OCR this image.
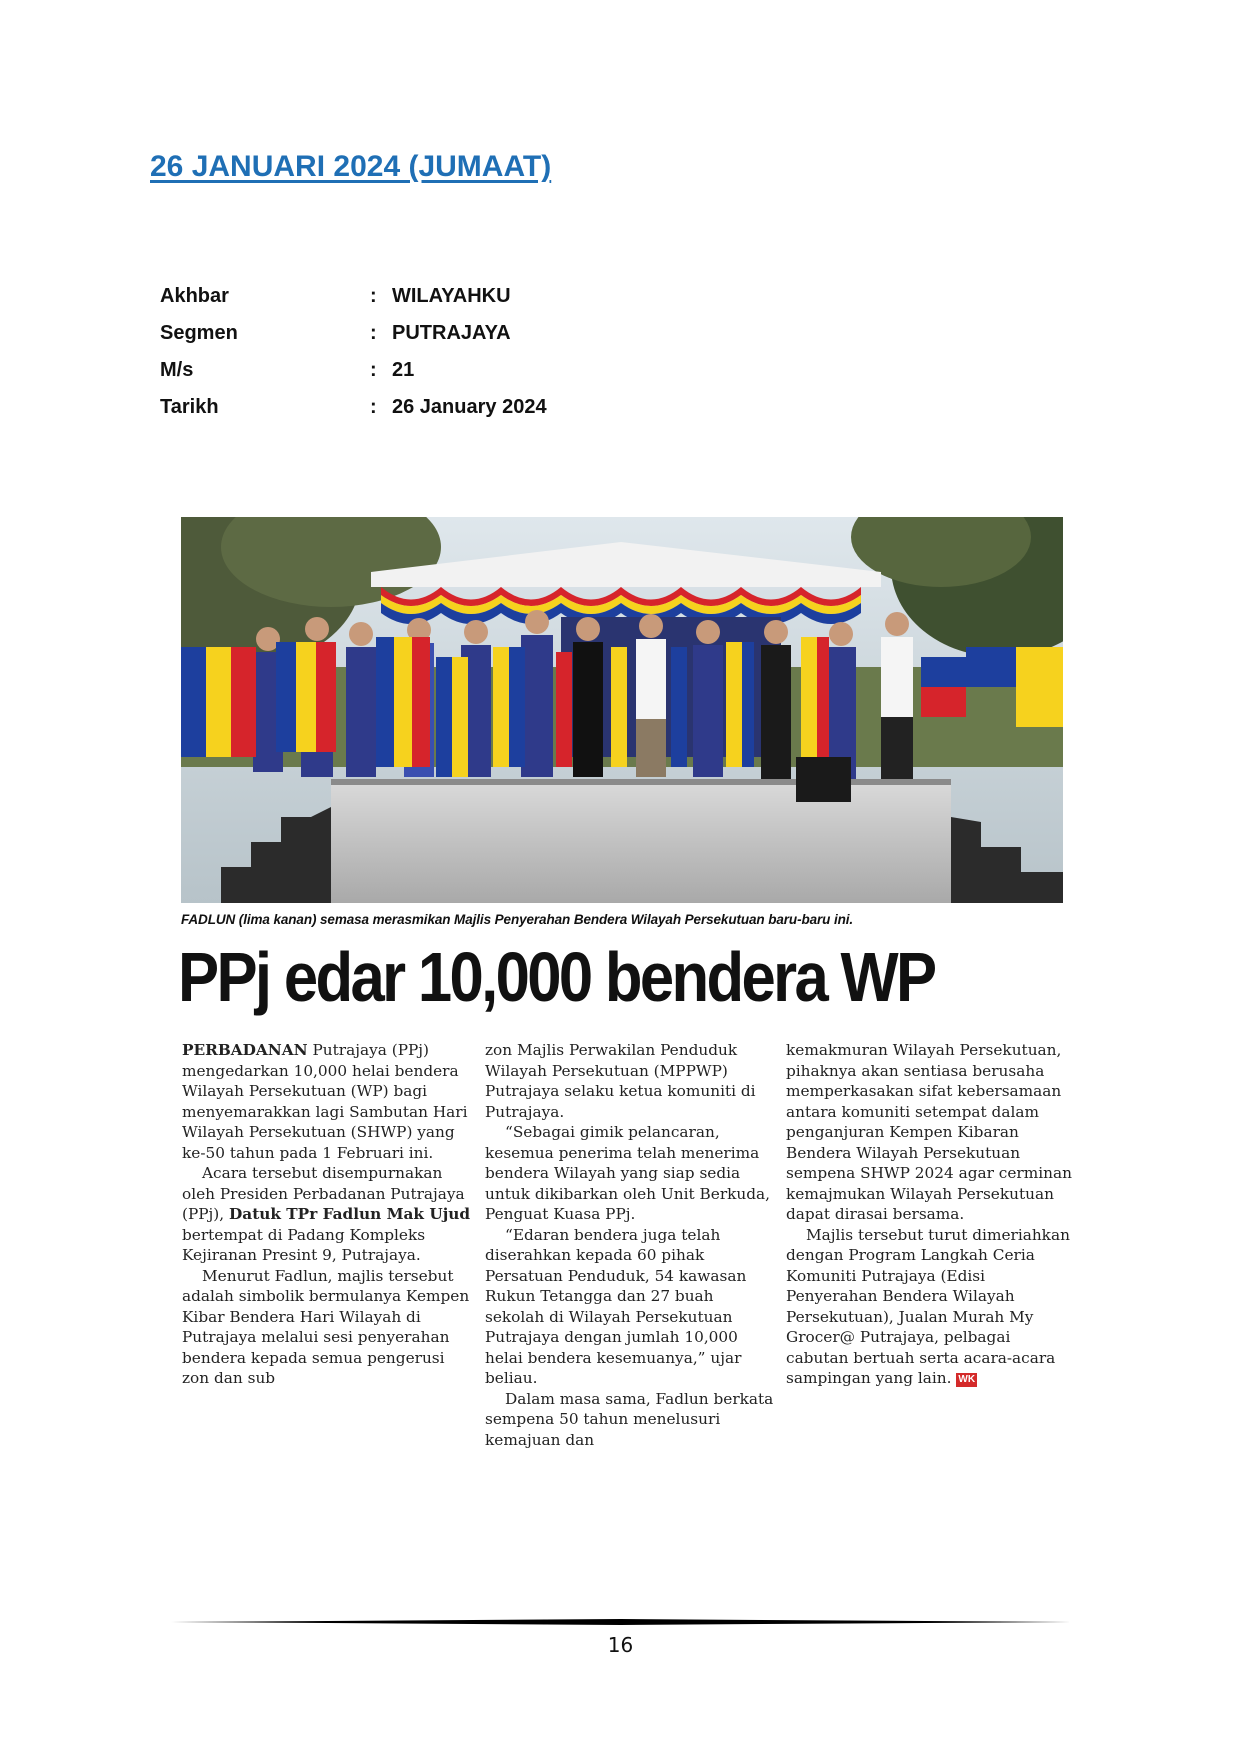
26 JANUARI 2024 (JUMAAT)
Akhbar	:	WILAYAHKU
Segmen	:	PUTRAJAYA
M/s	:	21
Tarikh	:	26 January 2024
FADLUN (lima kanan) semasa merasmikan Majlis Penyerahan Bendera Wilayah Persekutuan baru-baru ini.
PPj edar 10,000 bendera WP

PERBADANAN Putrajaya (PPj) mengedarkan 10,000 helai bendera Wilayah Persekutuan (WP) bagi menyemarakkan lagi Sambutan Hari Wilayah Persekutuan (SHWP) yang ke-50 tahun pada 1 Februari ini.

Acara tersebut disempurnakan oleh Presiden Perbadanan Putrajaya (PPj), Datuk TPr Fadlun Mak Ujud bertempat di Padang Kompleks Kejiranan Presint 9, Putrajaya.

Menurut Fadlun, majlis tersebut adalah simbolik bermulanya Kempen Kibar Bendera Hari Wilayah di Putrajaya melalui sesi penyerahan bendera kepada semua pengerusi zon dan sub

zon Majlis Perwakilan Penduduk Wilayah Persekutuan (MPPWP) Putrajaya selaku ketua komuniti di Putrajaya.

“Sebagai gimik pelancaran, kesemua penerima telah menerima bendera Wilayah yang siap sedia untuk dikibarkan oleh Unit Berkuda, Penguat Kuasa PPj.

“Edaran bendera juga telah diserahkan kepada 60 pihak Persatuan Penduduk, 54 kawasan Rukun Tetangga dan 27 buah sekolah di Wilayah Persekutuan Putrajaya dengan jumlah 10,000 helai bendera kesemuanya,” ujar beliau.

Dalam masa sama, Fadlun berkata sempena 50 tahun menelusuri kemajuan dan

kemakmuran Wilayah Persekutuan, pihaknya akan sentiasa berusaha memperkasakan sifat kebersamaan antara komuniti setempat dalam penganjuran Kempen Kibaran Bendera Wilayah Persekutuan sempena SHWP 2024 agar cerminan kemajmukan Wilayah Persekutuan dapat dirasai bersama.

Majlis tersebut turut dimeriahkan dengan Program Langkah Ceria Komuniti Putrajaya (Edisi Penyerahan Bendera Wilayah Persekutuan), Jualan Murah My Grocer@ Putrajaya, pelbagai cabutan bertuah serta acara-acara sampingan yang lain. WK

16
